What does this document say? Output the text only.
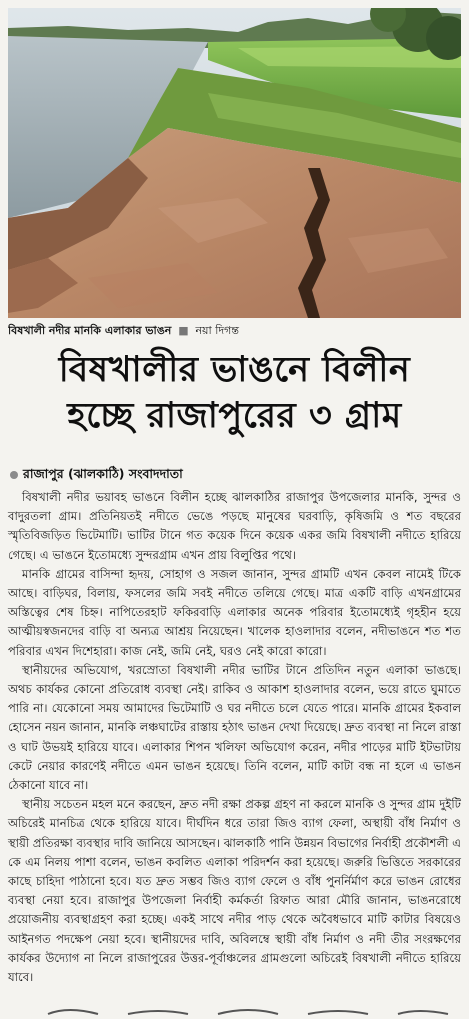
বিষখালী নদীর মানকি এলাকার ভাঙন ■ নয়া দিগন্ত
বিষখালীর ভাঙনে বিলীন
হচ্ছে রাজাপুরের ৩ গ্রাম
রাজাপুর (ঝালকাঠি) সংবাদদাতা

বিষখালী নদীর ভয়াবহ ভাঙনে বিলীন হচ্ছে ঝালকাঠির রাজাপুর উপজেলার মানকি, সুন্দর ও বাদুরতলা গ্রাম। প্রতিনিয়তই নদীতে ভেঙে পড়ছে মানুষের ঘরবাড়ি, কৃষিজমি ও শত বছরের স্মৃতিবিজড়িত ভিটেমাটি। ভাটির টানে গত কয়েক দিনে কয়েক একর জমি বিষখালী নদীতে হারিয়ে গেছে। এ ভাঙনে ইতোমধ্যে সুন্দরগ্রাম এখন প্রায় বিলুপ্তির পথে।

মানকি গ্রামের বাসিন্দা হৃদয়, সোহাগ ও সজল জানান, সুন্দর গ্রামটি এখন কেবল নামেই টিকে আছে। বাড়িঘর, বিলায়, ফসলের জমি সবই নদীতে তলিয়ে গেছে। মাত্র একটি বাড়ি এখনগ্রামের অস্তিত্বের শেষ চিহ্ন। নাপিতেরহাট ফকিরবাড়ি এলাকার অনেক পরিবার ইতোমধ্যেই গৃহহীন হয়ে আত্মীয়স্বজনদের বাড়ি বা অন্যত্র আশ্রয় নিয়েছেন। খালেক হাওলাদার বলেন, নদীভাঙনে শত শত পরিবার এখন দিশেহারা। কাজ নেই, জমি নেই, ঘরও নেই কারো কারো।

স্থানীয়দের অভিযোগ, খরস্রোতা বিষখালী নদীর ভাটির টানে প্রতিদিন নতুন এলাকা ভাঙছে। অথচ কার্যকর কোনো প্রতিরোধ ব্যবস্থা নেই। রাকিব ও আকাশ হাওলাদার বলেন, ভয়ে রাতে ঘুমাতে পারি না। যেকোনো সময় আমাদের ভিটেমাটি ও ঘর নদীতে চলে যেতে পারে। মানকি গ্রামের ইকবাল হোসেন নয়ন জানান, মানকি লঞ্চঘাটের রাস্তায় হঠাৎ ভাঙন দেখা দিয়েছে। দ্রুত ব্যবস্থা না নিলে রাস্তা ও ঘাট উভয়ই হারিয়ে যাবে। এলাকার শিপন খলিফা অভিযোগ করেন, নদীর পাড়ের মাটি ইটভাটায় কেটে নেয়ার কারণেই নদীতে এমন ভাঙন হয়েছে। তিনি বলেন, মাটি কাটা বন্ধ না হলে এ ভাঙন ঠেকানো যাবে না।

স্থানীয় সচেতন মহল মনে করছেন, দ্রুত নদী রক্ষা প্রকল্প গ্রহণ না করলে মানকি ও সুন্দর গ্রাম দুইটি অচিরেই মানচিত্র থেকে হারিয়ে যাবে। দীর্ঘদিন ধরে তারা জিও ব্যাগ ফেলা, অস্থায়ী বাঁধ নির্মাণ ও স্থায়ী প্রতিরক্ষা ব্যবস্থার দাবি জানিয়ে আসছেন। ঝালকাঠি পানি উন্নয়ন বিভাগের নির্বাহী প্রকৌশলী এ কে এম নিলয় পাশা বলেন, ভাঙন কবলিত এলাকা পরিদর্শন করা হয়েছে। জরুরি ভিত্তিতে সরকারের কাছে চাহিদা পাঠানো হবে। যত দ্রুত সম্ভব জিও ব্যাগ ফেলে ও বাঁধ পুনর্নির্মাণ করে ভাঙন রোধের ব্যবস্থা নেয়া হবে। রাজাপুর উপজেলা নির্বাহী কর্মকর্তা রিফাত আরা মৌরি জানান, ভাঙনরোধে প্রয়োজনীয় ব্যবস্থাগ্রহণ করা হচ্ছে। একই সাথে নদীর পাড় থেকে অবৈধভাবে মাটি কাটার বিষয়েও আইনগত পদক্ষেপ নেয়া হবে। স্থানীয়দের দাবি, অবিলম্বে স্থায়ী বাঁধ নির্মাণ ও নদী তীর সংরক্ষণের কার্যকর উদ্যোগ না নিলে রাজাপুরের উত্তর-পূর্বাঞ্চলের গ্রামগুলো অচিরেই বিষখালী নদীতে হারিয়ে যাবে।
